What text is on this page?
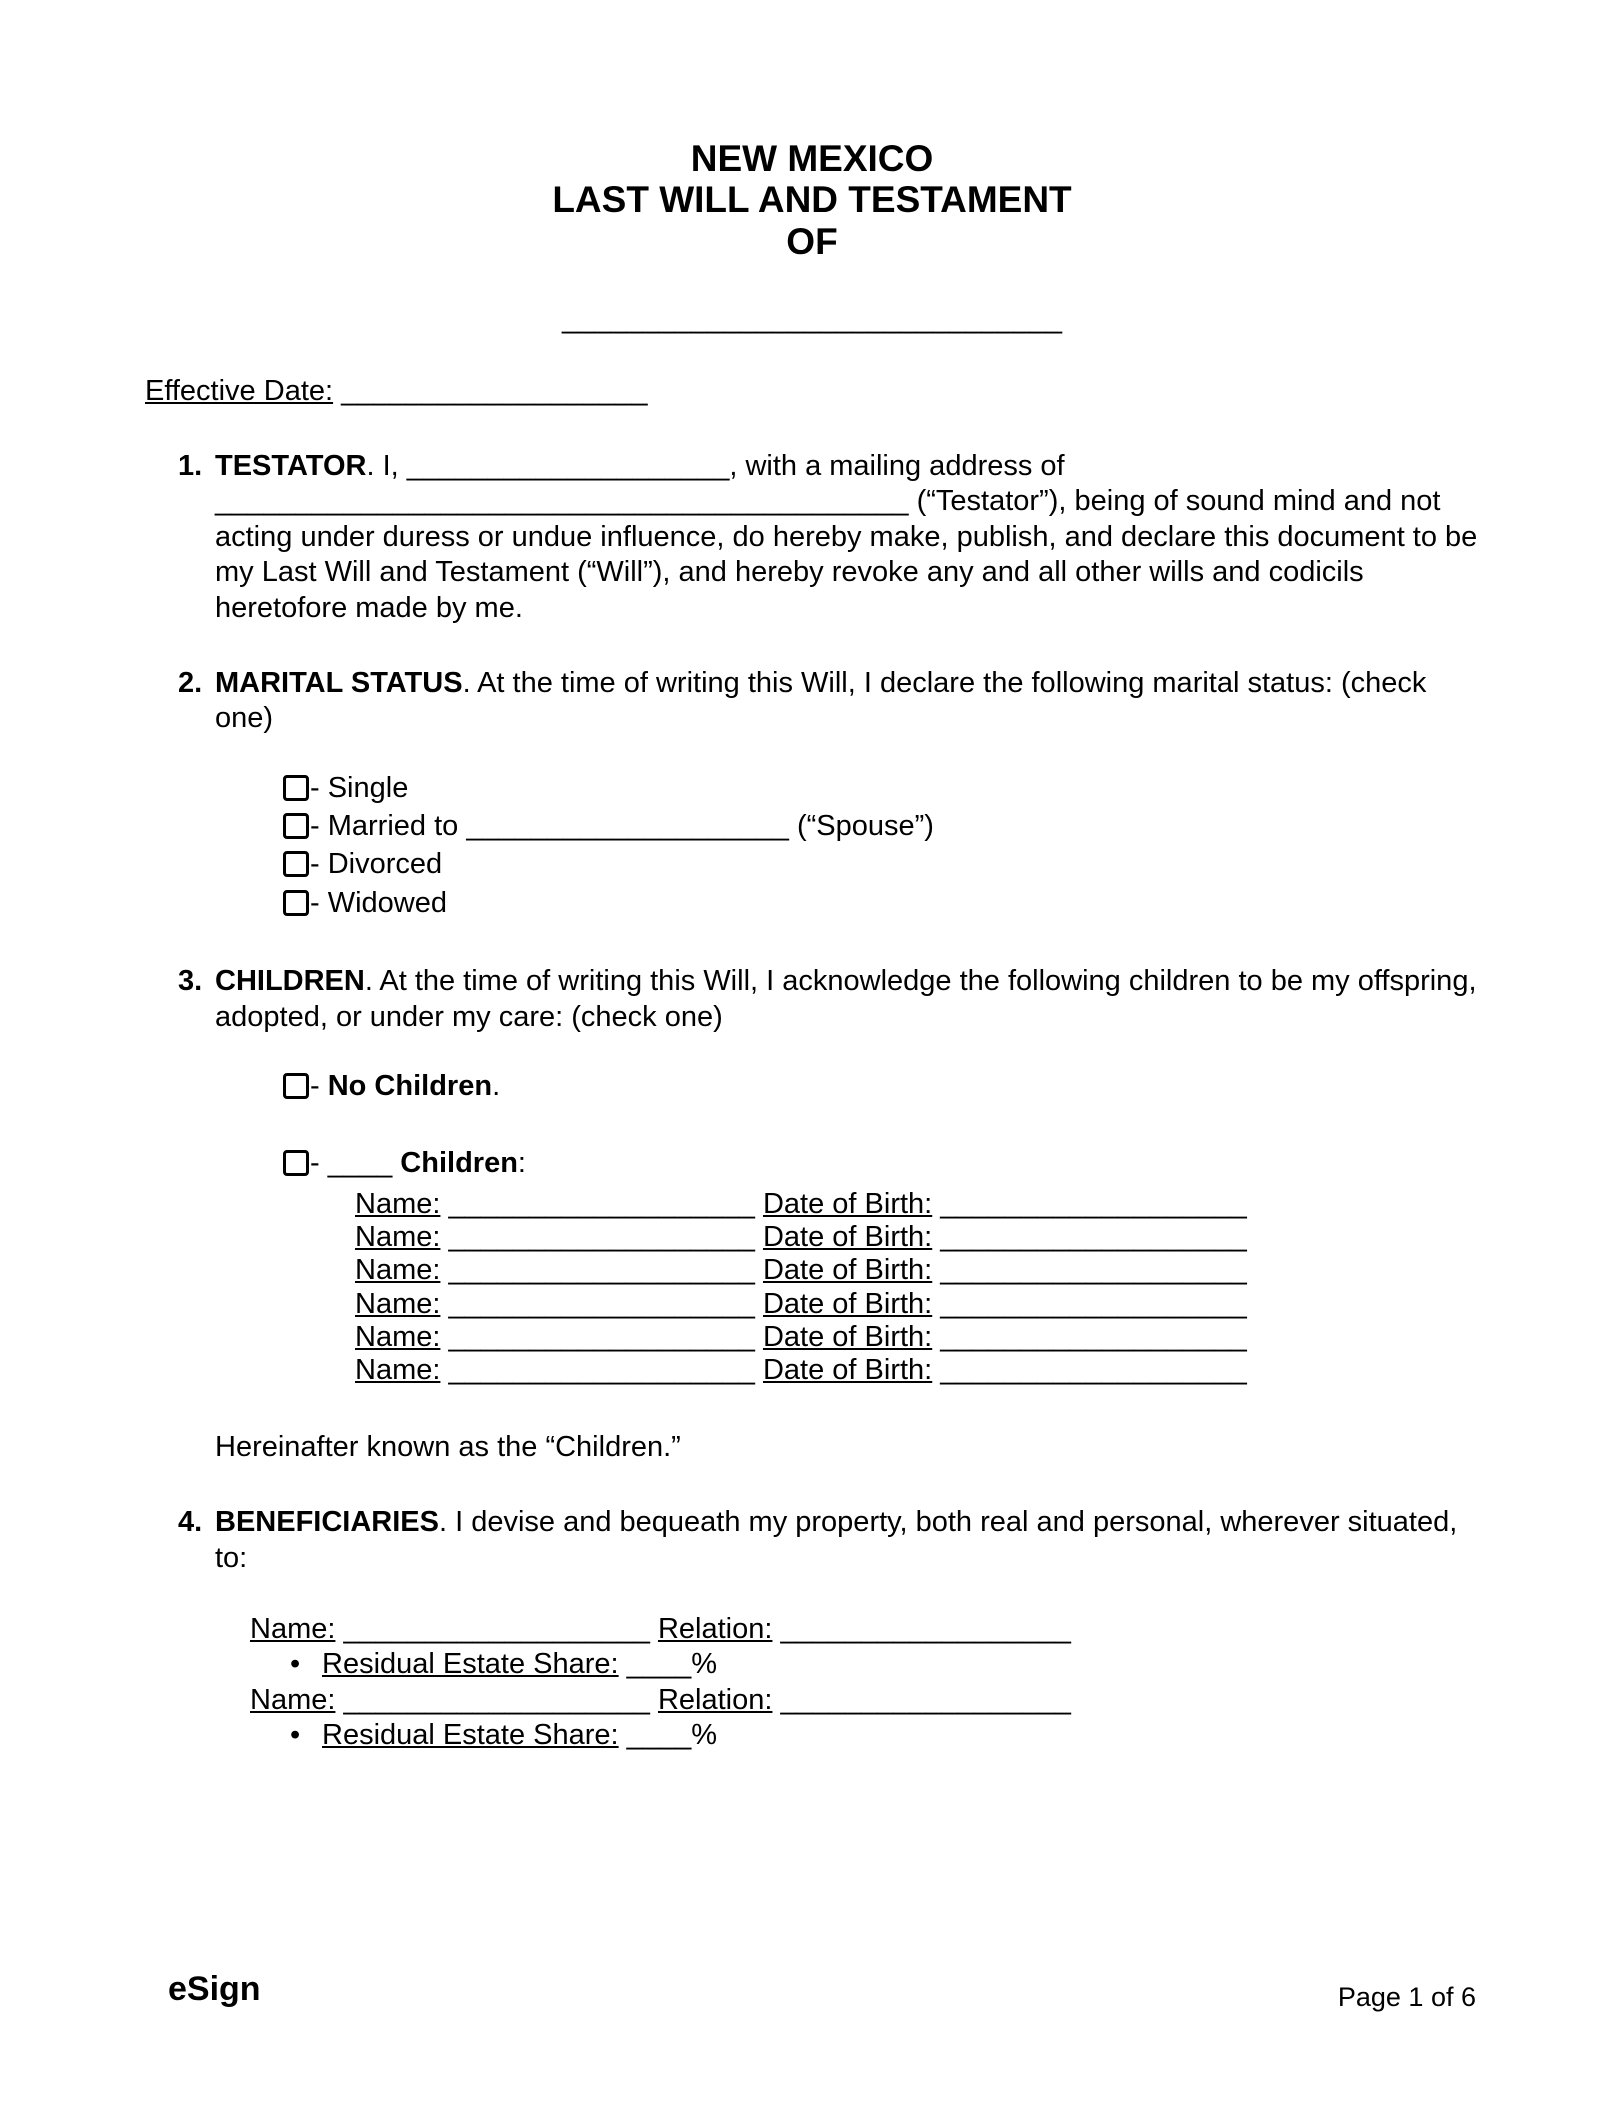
NEW MEXICO
LAST WILL AND TESTAMENT
OF
_______________________________
Effective Date: ___________________
1. TESTATOR. I, ____________________, with a mailing address of ___________________________________________ (“Testator”), being of sound mind and not acting under duress or undue influence, do hereby make, publish, and declare this document to be my Last Will and Testament (“Will”), and hereby revoke any and all other wills and codicils heretofore made by me.

2. MARITAL STATUS. At the time of writing this Will, I declare the following marital status: (check one)

- Single
- Married to ____________________ (“Spouse”)
- Divorced
- Widowed
3. CHILDREN. At the time of writing this Will, I acknowledge the following children to be my offspring, adopted, or under my care: (check one)

- No Children.
- ____ Children:
Name: ___________________ Date of Birth: ___________________
Name: ___________________ Date of Birth: ___________________
Name: ___________________ Date of Birth: ___________________
Name: ___________________ Date of Birth: ___________________
Name: ___________________ Date of Birth: ___________________
Name: ___________________ Date of Birth: ___________________

Hereinafter known as the “Children.”

4. BENEFICIARIES. I devise and bequeath my property, both real and personal, wherever situated, to:

Name: ___________________ Relation: __________________
• Residual Estate Share: ____%
Name: ___________________ Relation: __________________
• Residual Estate Share: ____%
eSign	Page 1 of 6
